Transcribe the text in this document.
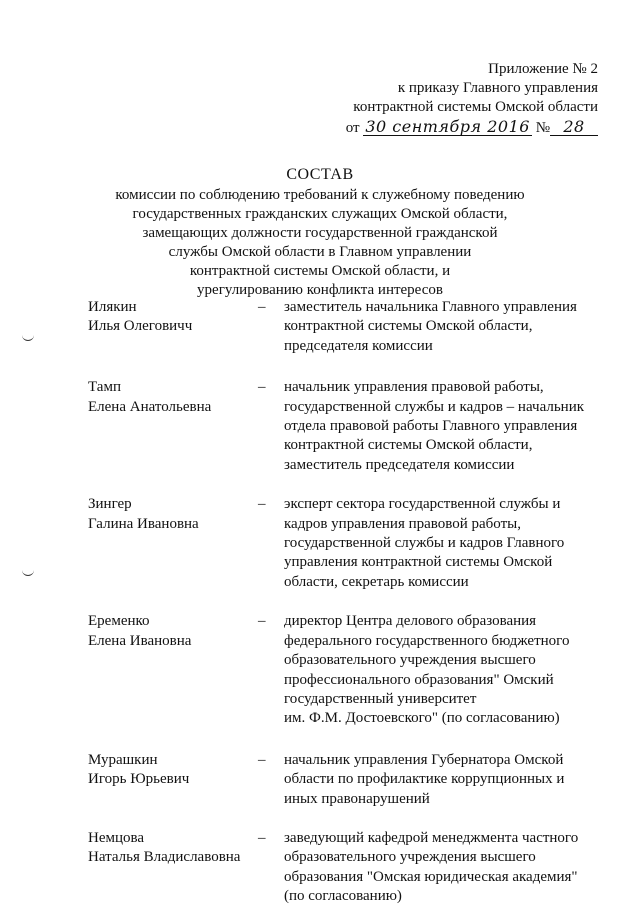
Приложение № 2
к приказу Главного управления
контрактной системы Омской области
от 30 сентября 2016 № 28
СОСТАВ
комиссии по соблюдению требований к служебному поведению
государственных гражданских служащих Омской области,
замещающих должности государственной гражданской
службы Омской области в Главном управлении
контрактной системы Омской области, и
урегулированию конфликта интересов
Илякин
Илья Олеговичч
–	заместитель начальника Главного управления
контрактной системы Омской области,
председателя комиссии
Тамп
Елена Анатольевна
–	начальник управления правовой работы,
государственной службы и кадров – начальник
отдела правовой работы Главного управления
контрактной системы Омской области,
заместитель председателя комиссии
Зингер
Галина Ивановна
–	эксперт сектора государственной службы и
кадров управления правовой работы,
государственной службы и кадров Главного
управления контрактной системы Омской
области, секретарь комиссии
Еременко
Елена Ивановна
–	директор Центра делового образования
федерального государственного бюджетного
образовательного учреждения высшего
профессионального образования" Омский
государственный университет
им. Ф.М. Достоевского" (по согласованию)
Мурашкин
Игорь Юрьевич
–	начальник управления Губернатора Омской
области по профилактике коррупционных и
иных правонарушений
Немцова
Наталья Владиславовна
–	заведующий кафедрой менеджмента частного
образовательного учреждения высшего
образования "Омская юридическая академия"
(по согласованию)
